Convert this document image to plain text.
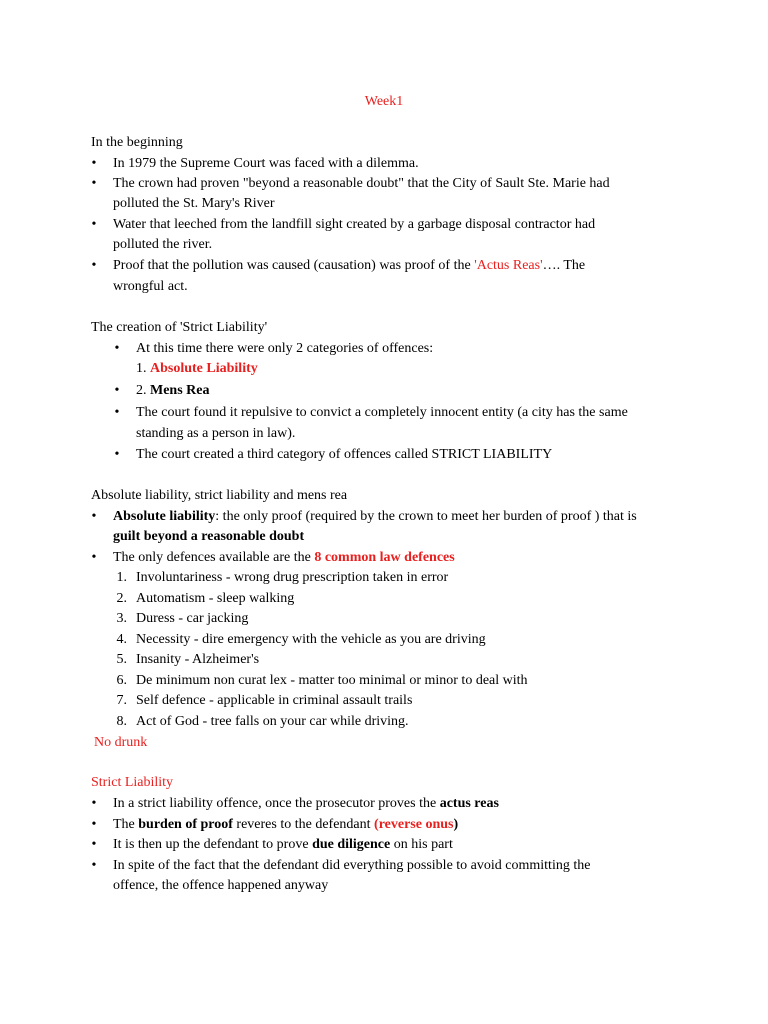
Week1
In the beginning
•	In 1979 the Supreme Court was faced with a dilemma.
•	The crown had proven "beyond a reasonable doubt" that the City of Sault Ste. Marie had
polluted the St. Mary's River
•	Water that leeched from the landfill sight created by a garbage disposal contractor had
polluted the river.
•	Proof that the pollution was caused (causation) was proof of the 'Actus Reas'…. The
wrongful act.
The creation of 'Strict Liability'
•	At this time there were only 2 categories of offences:
1. Absolute Liability
•	2. Mens Rea
•	The court found it repulsive to convict a completely innocent entity (a city has the same
standing as a person in law).
•	The court created a third category of offences called STRICT LIABILITY
Absolute liability, strict liability and mens rea
•	Absolute liability: the only proof (required by the crown to meet her burden of proof ) that is
guilt beyond a reasonable doubt
•	The only defences available are the 8 common law defences
1. Involuntariness - wrong drug prescription taken in error
2. Automatism - sleep walking
3. Duress - car jacking
4. Necessity - dire emergency with the vehicle as you are driving
5. Insanity - Alzheimer's
6. De minimum non curat lex - matter too minimal or minor to deal with
7. Self defence - applicable in criminal assault trails
8. Act of God - tree falls on your car while driving.
No drunk
Strict Liability
•	In a strict liability offence, once the prosecutor proves the actus reas
•	The burden of proof reveres to the defendant (reverse onus)
•	It is then up the defendant to prove due diligence on his part
•	In spite of the fact that the defendant did everything possible to avoid committing the
offence, the offence happened anyway
